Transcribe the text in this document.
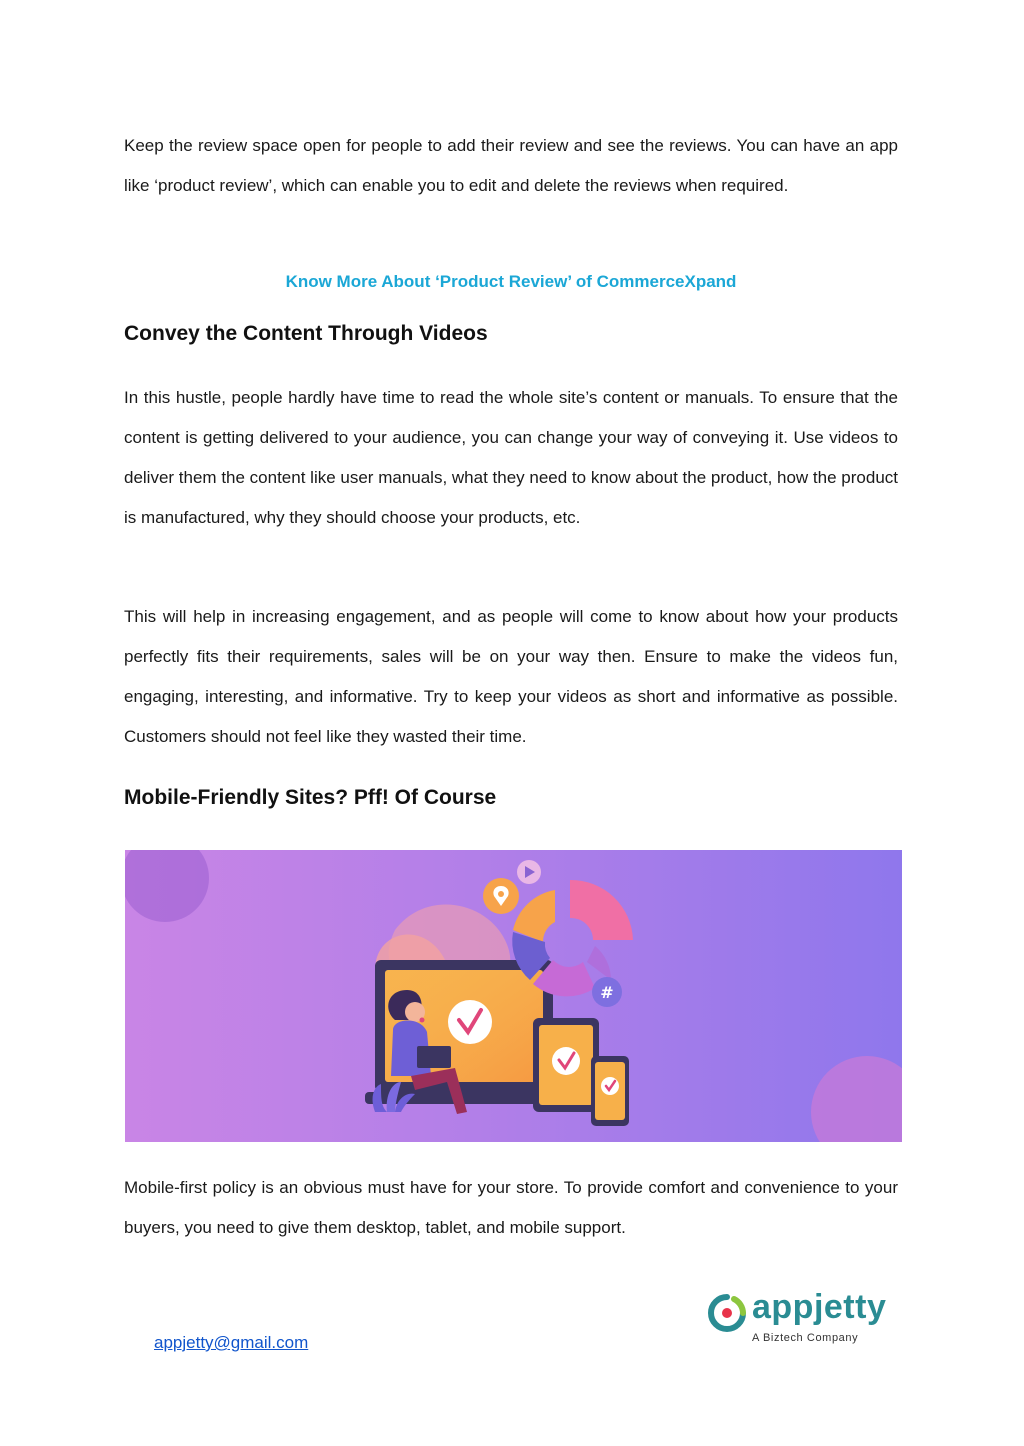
Keep the review space open for people to add their review and see the reviews. You can have an app like ‘product review’, which can enable you to edit and delete the reviews when required.

Know More About ‘Product Review’ of CommerceXpand
Convey the Content Through Videos

In this hustle, people hardly have time to read the whole site’s content or manuals. To ensure that the content is getting delivered to your audience, you can change your way of conveying it. Use videos to deliver them the content like user manuals, what they need to know about the product, how the product is manufactured, why they should choose your products, etc.

This will help in increasing engagement, and as people will come to know about how your products perfectly fits their requirements, sales will be on your way then. Ensure to make the videos fun, engaging, interesting, and informative. Try to keep your videos as short and informative as possible. Customers should not feel like they wasted their time.

Mobile-Friendly Sites? Pff! Of Course
#

Mobile-first policy is an obvious must have for your store. To provide comfort and convenience to your buyers, you need to give them desktop, tablet, and mobile support.

appjetty@gmail.com
appjetty
A Biztech Company
